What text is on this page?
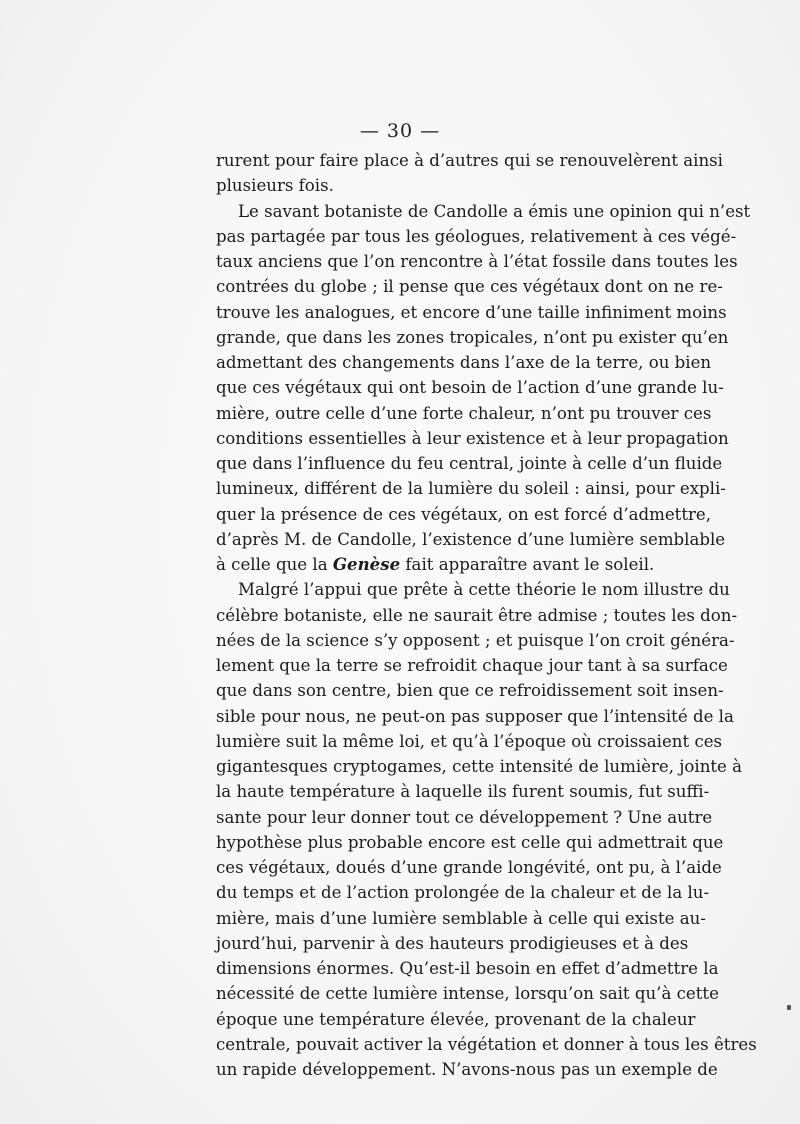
— 30 —
rurent pour faire place à d’autres qui se renouvelèrent ainsi
plusieurs fois.
Le savant botaniste de Candolle a émis une opinion qui n’est
pas partagée par tous les géologues, relativement à ces végé-
taux anciens que l’on rencontre à l’état fossile dans toutes les
contrées du globe ; il pense que ces végétaux dont on ne re-
trouve les analogues, et encore d’une taille infiniment moins
grande, que dans les zones tropicales, n’ont pu exister qu’en
admettant des changements dans l’axe de la terre, ou bien
que ces végétaux qui ont besoin de l’action d’une grande lu-
mière, outre celle d’une forte chaleur, n’ont pu trouver ces
conditions essentielles à leur existence et à leur propagation
que dans l’influence du feu central, jointe à celle d’un fluide
lumineux, différent de la lumière du soleil : ainsi, pour expli-
quer la présence de ces végétaux, on est forcé d’admettre,
d’après M. de Candolle, l’existence d’une lumière semblable
à celle que la Genèse fait apparaître avant le soleil.
Malgré l’appui que prête à cette théorie le nom illustre du
célèbre botaniste, elle ne saurait être admise ; toutes les don-
nées de la science s’y opposent ; et puisque l’on croit généra-
lement que la terre se refroidit chaque jour tant à sa surface
que dans son centre, bien que ce refroidissement soit insen-
sible pour nous, ne peut-on pas supposer que l’intensité de la
lumière suit la même loi, et qu’à l’époque où croissaient ces
gigantesques cryptogames, cette intensité de lumière, jointe à
la haute température à laquelle ils furent soumis, fut suffi-
sante pour leur donner tout ce développement ? Une autre
hypothèse plus probable encore est celle qui admettrait que
ces végétaux, doués d’une grande longévité, ont pu, à l’aide
du temps et de l’action prolongée de la chaleur et de la lu-
mière, mais d’une lumière semblable à celle qui existe au-
jourd’hui, parvenir à des hauteurs prodigieuses et à des
dimensions énormes. Qu’est-il besoin en effet d’admettre la
nécessité de cette lumière intense, lorsqu’on sait qu’à cette
époque une température élevée, provenant de la chaleur
centrale, pouvait activer la végétation et donner à tous les êtres
un rapide développement. N’avons-nous pas un exemple de
